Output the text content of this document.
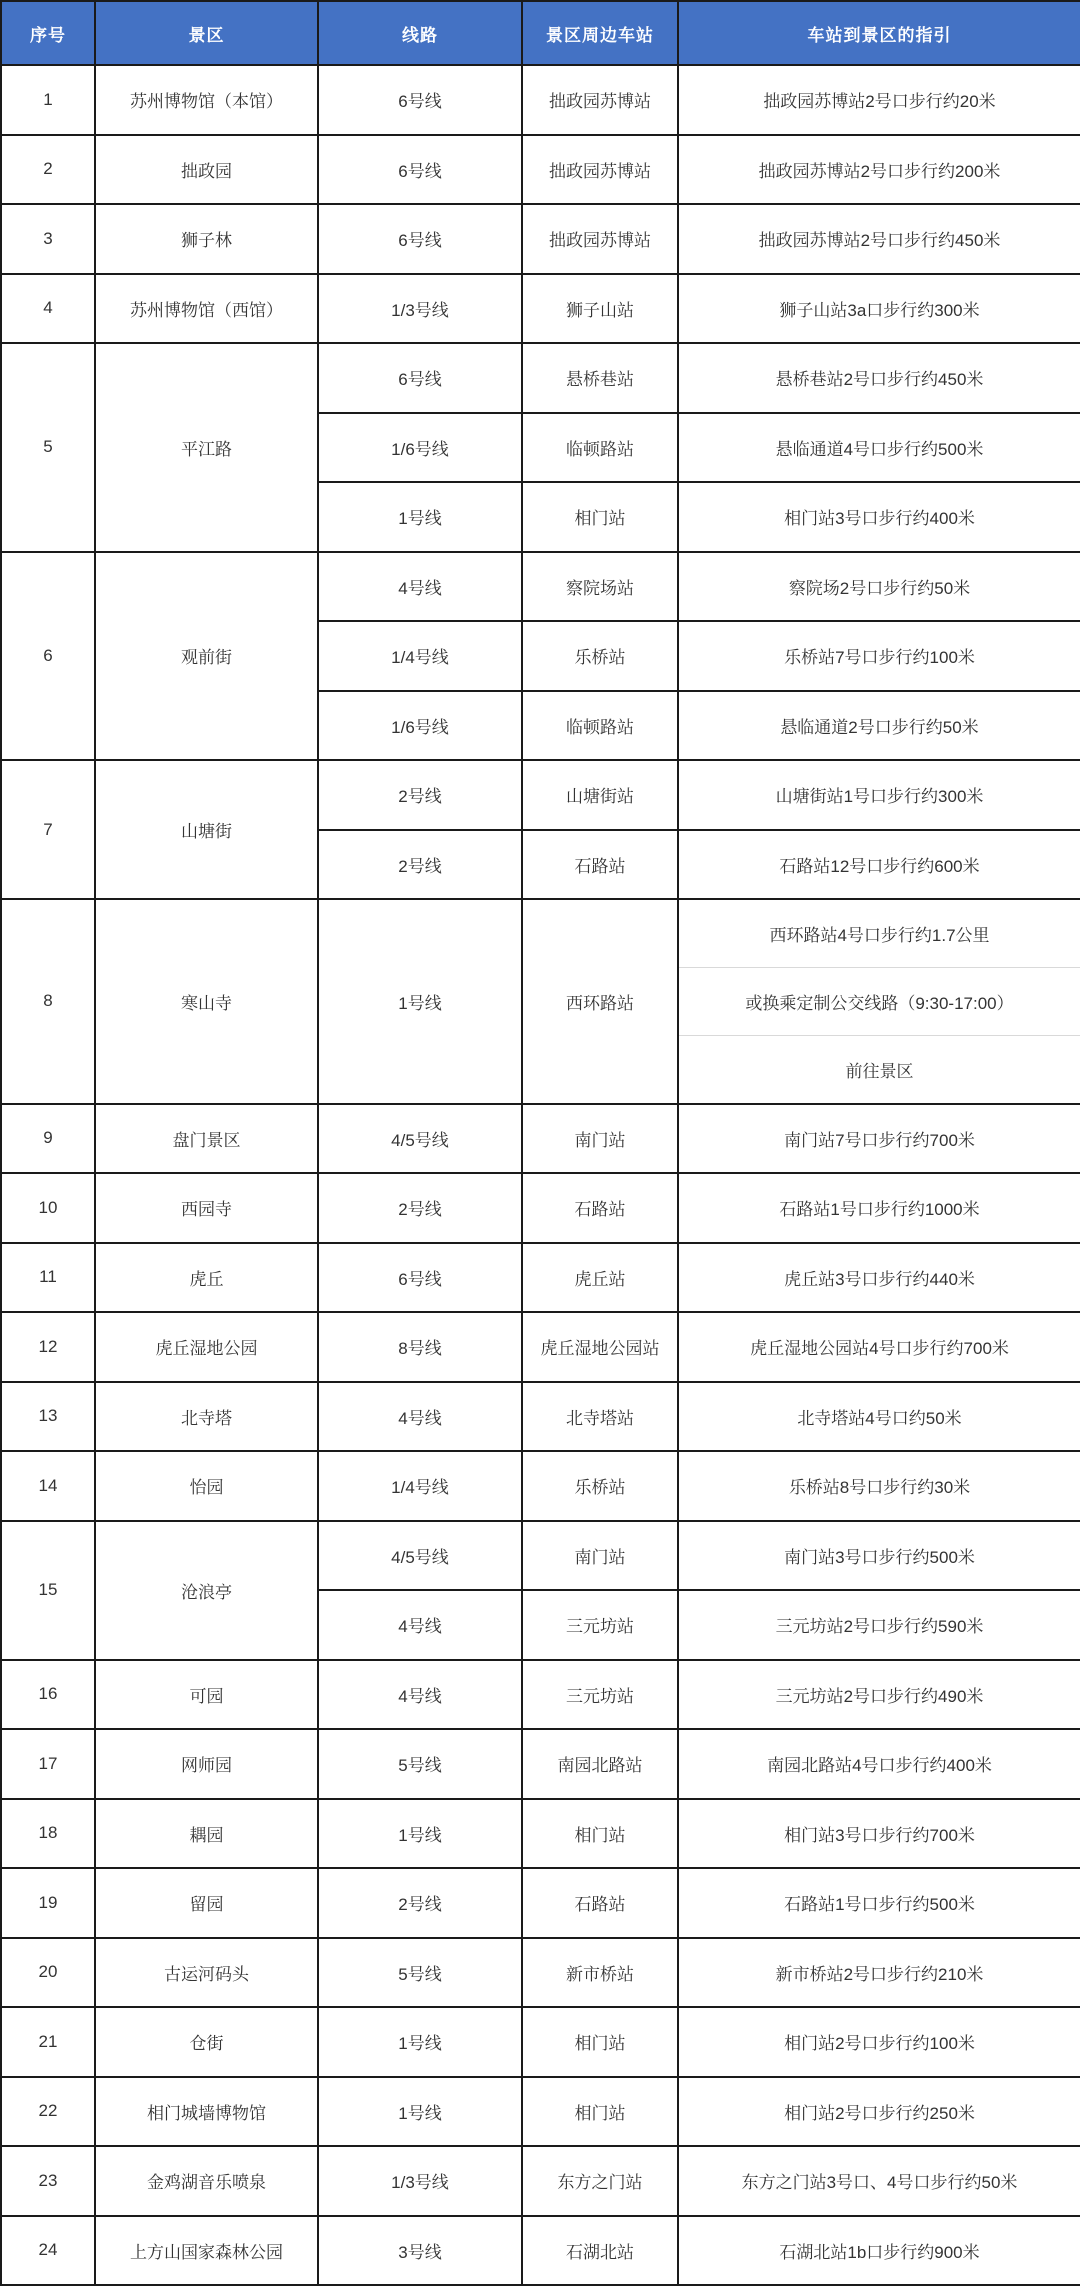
序号	景区	线路	景区周边车站	车站到景区的指引
1	苏州博物馆（本馆）	6号线	拙政园苏博站	拙政园苏博站2号口步行约20米

2	拙政园	6号线	拙政园苏博站	拙政园苏博站2号口步行约200米

3	狮子林	6号线	拙政园苏博站	拙政园苏博站2号口步行约450米

4	苏州博物馆（西馆）	1/3号线	狮子山站	狮子山站3a口步行约300米

5	平江路	6号线	悬桥巷站	悬桥巷站2号口步行约450米

		1/6号线	临顿路站	悬临通道4号口步行约500米

		1号线	相门站	相门站3号口步行约400米

6	观前街	4号线	察院场站	察院场2号口步行约50米

		1/4号线	乐桥站	乐桥站7号口步行约100米

		1/6号线	临顿路站	悬临通道2号口步行约50米

7	山塘街	2号线	山塘街站	山塘街站1号口步行约300米

		2号线	石路站	石路站12号口步行约600米

8	寒山寺	1号线	西环路站	西环路站4号口步行约1.7公里
或换乘定制公交线路（9:30-17:00）
前往景区

9	盘门景区	4/5号线	南门站	南门站7号口步行约700米

10	西园寺	2号线	石路站	石路站1号口步行约1000米

11	虎丘	6号线	虎丘站	虎丘站3号口步行约440米

12	虎丘湿地公园	8号线	虎丘湿地公园站	虎丘湿地公园站4号口步行约700米

13	北寺塔	4号线	北寺塔站	北寺塔站4号口约50米

14	怡园	1/4号线	乐桥站	乐桥站8号口步行约30米

15	沧浪亭	4/5号线	南门站	南门站3号口步行约500米

		4号线	三元坊站	三元坊站2号口步行约590米

16	可园	4号线	三元坊站	三元坊站2号口步行约490米

17	网师园	5号线	南园北路站	南园北路站4号口步行约400米

18	耦园	1号线	相门站	相门站3号口步行约700米

19	留园	2号线	石路站	石路站1号口步行约500米

20	古运河码头	5号线	新市桥站	新市桥站2号口步行约210米

21	仓街	1号线	相门站	相门站2号口步行约100米

22	相门城墙博物馆	1号线	相门站	相门站2号口步行约250米

23	金鸡湖音乐喷泉	1/3号线	东方之门站	东方之门站3号口、4号口步行约50米

24	上方山国家森林公园	3号线	石湖北站	石湖北站1b口步行约900米
